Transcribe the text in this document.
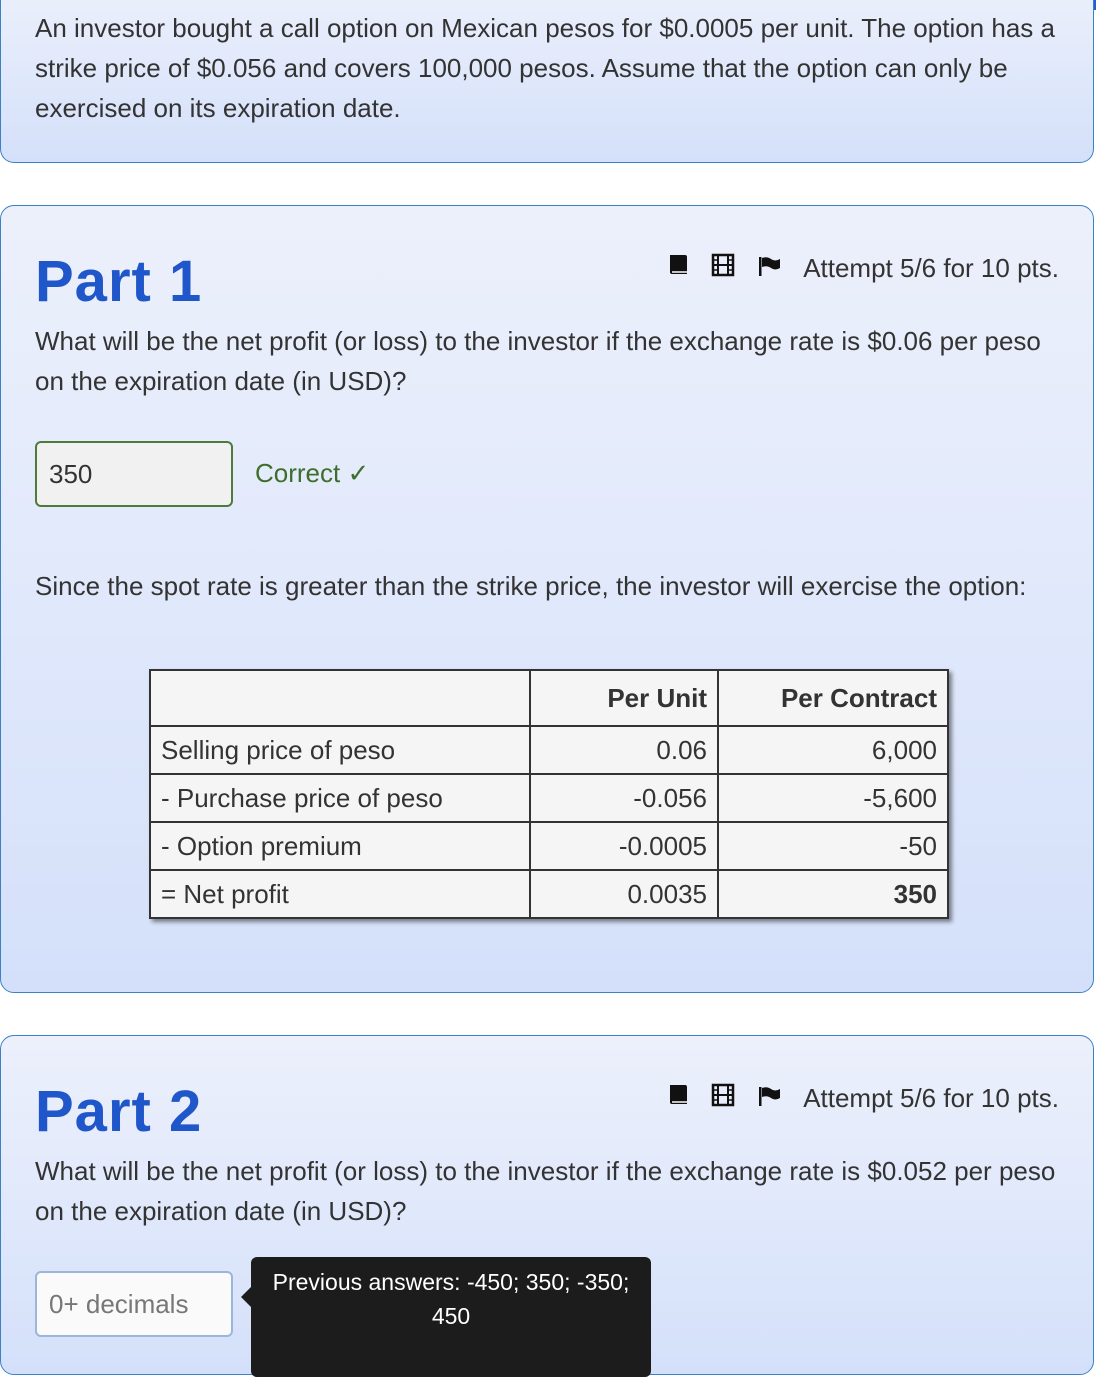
An investor bought a call option on Mexican pesos for $0.0005 per unit. The option has a strike price of $0.056 and covers 100,000 pesos. Assume that the option can only be exercised on its expiration date.
Part 1	Attempt 5/6 for 10 pts.
What will be the net profit (or loss) to the investor if the exchange rate is $0.06 per peso on the expiration date (in USD)?
350	Correct ✓
Since the spot rate is greater than the strike price, the investor will exercise the option:
	Per Unit	Per Contract
Selling price of peso	0.06	6,000
- Purchase price of peso	-0.056	-5,600
- Option premium	-0.0005	-50
= Net profit	0.0035	350
Part 2	Attempt 5/6 for 10 pts.
What will be the net profit (or loss) to the investor if the exchange rate is $0.052 per peso on the expiration date (in USD)?
0+ decimals
Previous answers: -450; 350; -350; 450
